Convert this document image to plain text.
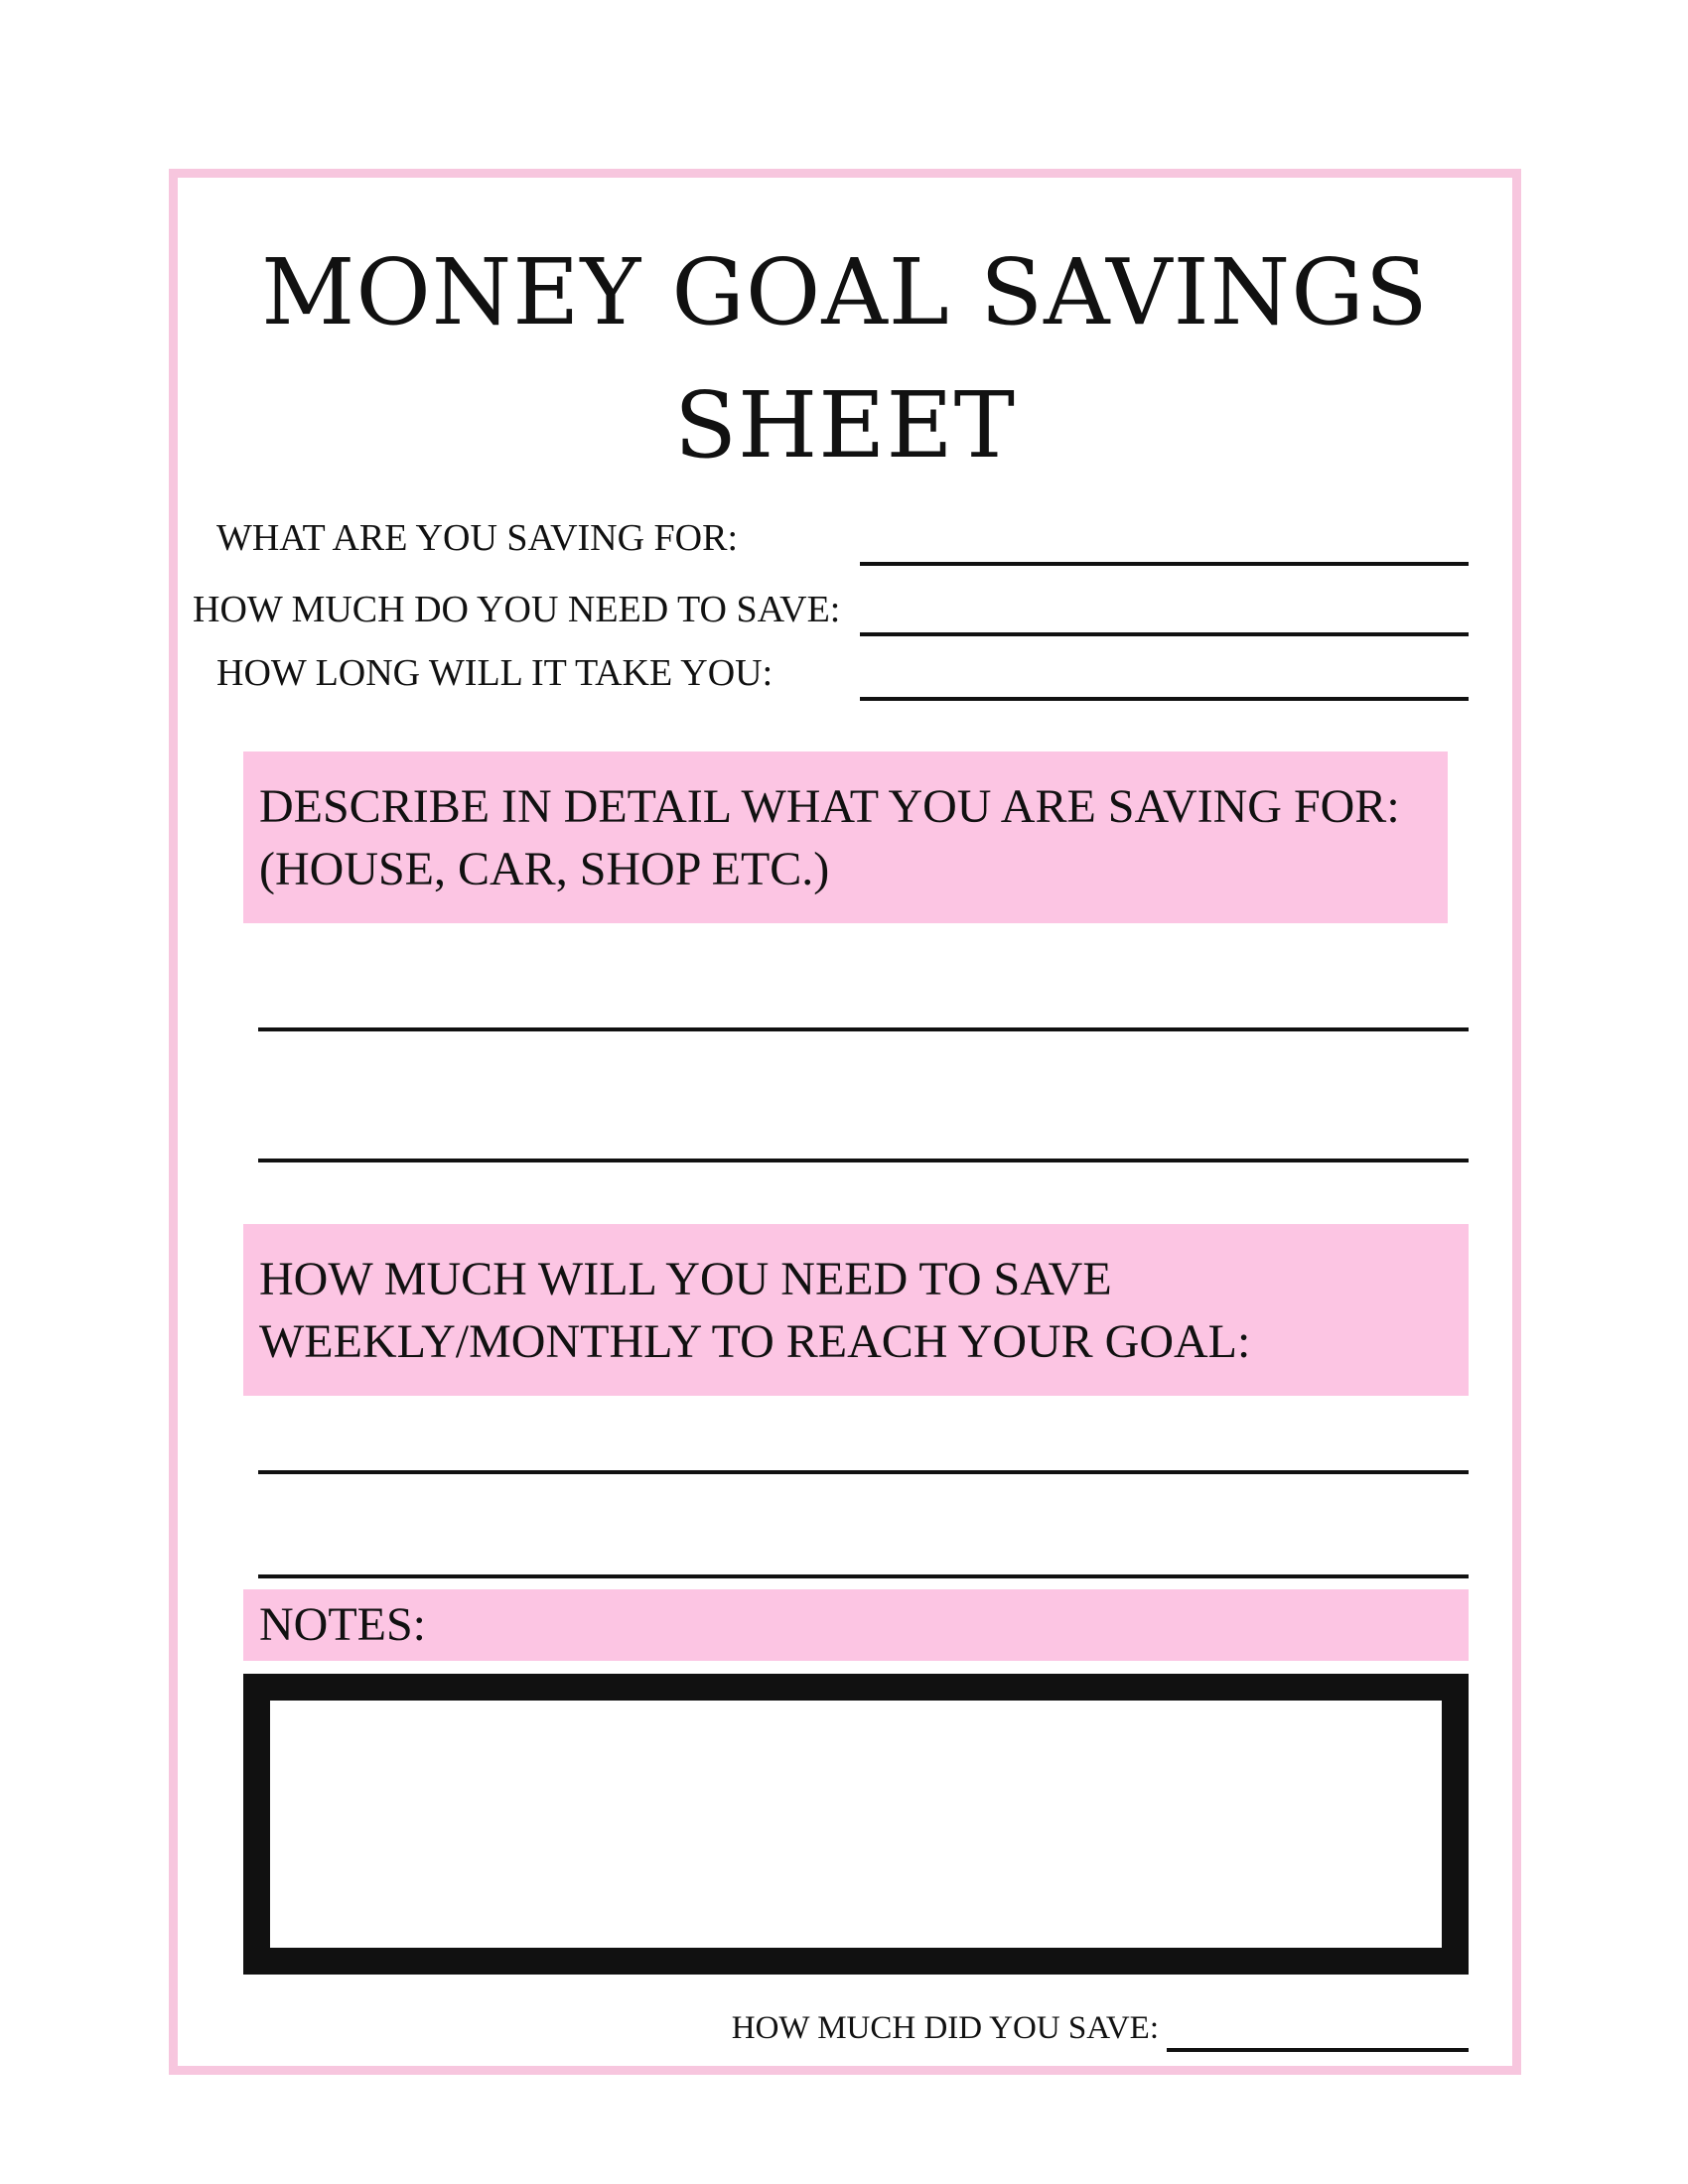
MONEY GOAL SAVINGS
SHEET
WHAT ARE YOU SAVING FOR:
HOW MUCH DO YOU NEED TO SAVE:
HOW LONG WILL IT TAKE YOU:
DESCRIBE IN DETAIL WHAT YOU ARE SAVING FOR:
(HOUSE, CAR, SHOP ETC.)
HOW MUCH WILL YOU NEED TO SAVE
WEEKLY/MONTHLY TO REACH YOUR GOAL:
NOTES:
HOW MUCH DID YOU SAVE:
